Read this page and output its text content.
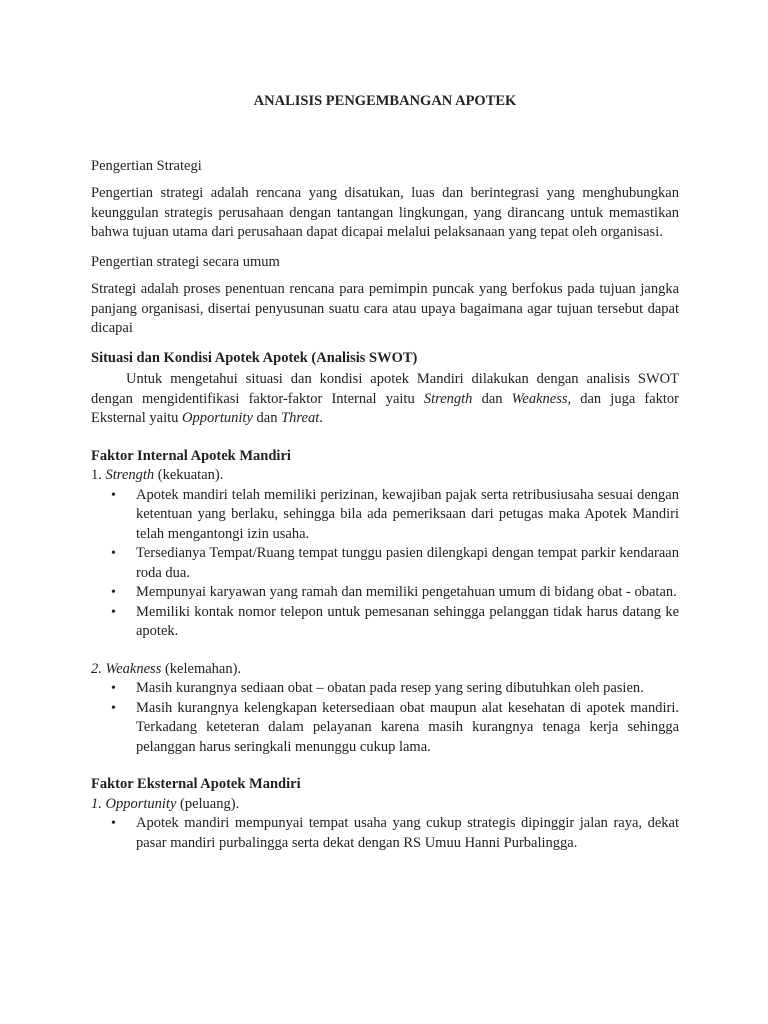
ANALISIS PENGEMBANGAN APOTEK

Pengertian Strategi

Pengertian strategi adalah rencana yang disatukan, luas dan berintegrasi yang menghubungkan keunggulan strategis perusahaan dengan tantangan lingkungan, yang dirancang untuk memastikan bahwa tujuan utama dari perusahaan dapat dicapai melalui pelaksanaan yang tepat oleh organisasi.

Pengertian strategi secara umum

Strategi adalah proses penentuan rencana para pemimpin puncak yang berfokus pada tujuan jangka panjang organisasi, disertai penyusunan suatu cara atau upaya bagaimana agar tujuan tersebut dapat dicapai

Situasi dan Kondisi Apotek Apotek (Analisis SWOT)

Untuk mengetahui situasi dan kondisi apotek Mandiri dilakukan dengan analisis SWOT dengan mengidentifikasi faktor-faktor Internal yaitu Strength dan Weakness, dan juga faktor Eksternal yaitu Opportunity dan Threat.

Faktor Internal Apotek Mandiri

1. Strength (kekuatan).

• Apotek mandiri telah memiliki perizinan, kewajiban pajak serta retribusiusaha sesuai dengan ketentuan yang berlaku, sehingga bila ada pemeriksaan dari petugas maka Apotek Mandiri telah mengantongi izin usaha.
• Tersedianya Tempat/Ruang tempat tunggu pasien dilengkapi dengan tempat parkir kendaraan roda dua.
• Mempunyai karyawan yang ramah dan memiliki pengetahuan umum di bidang obat - obatan.
• Memiliki kontak nomor telepon untuk pemesanan sehingga pelanggan tidak harus datang ke apotek.

2. Weakness (kelemahan).

• Masih kurangnya sediaan obat – obatan pada resep yang sering dibutuhkan oleh pasien.
• Masih kurangnya kelengkapan ketersediaan obat maupun alat kesehatan di apotek mandiri. Terkadang keteteran dalam pelayanan karena masih kurangnya tenaga kerja sehingga pelanggan harus seringkali menunggu cukup lama.

Faktor Eksternal Apotek Mandiri

1. Opportunity (peluang).

• Apotek mandiri mempunyai tempat usaha yang cukup strategis dipinggir jalan raya, dekat pasar mandiri purbalingga serta dekat dengan RS Umuu Hanni Purbalingga.
